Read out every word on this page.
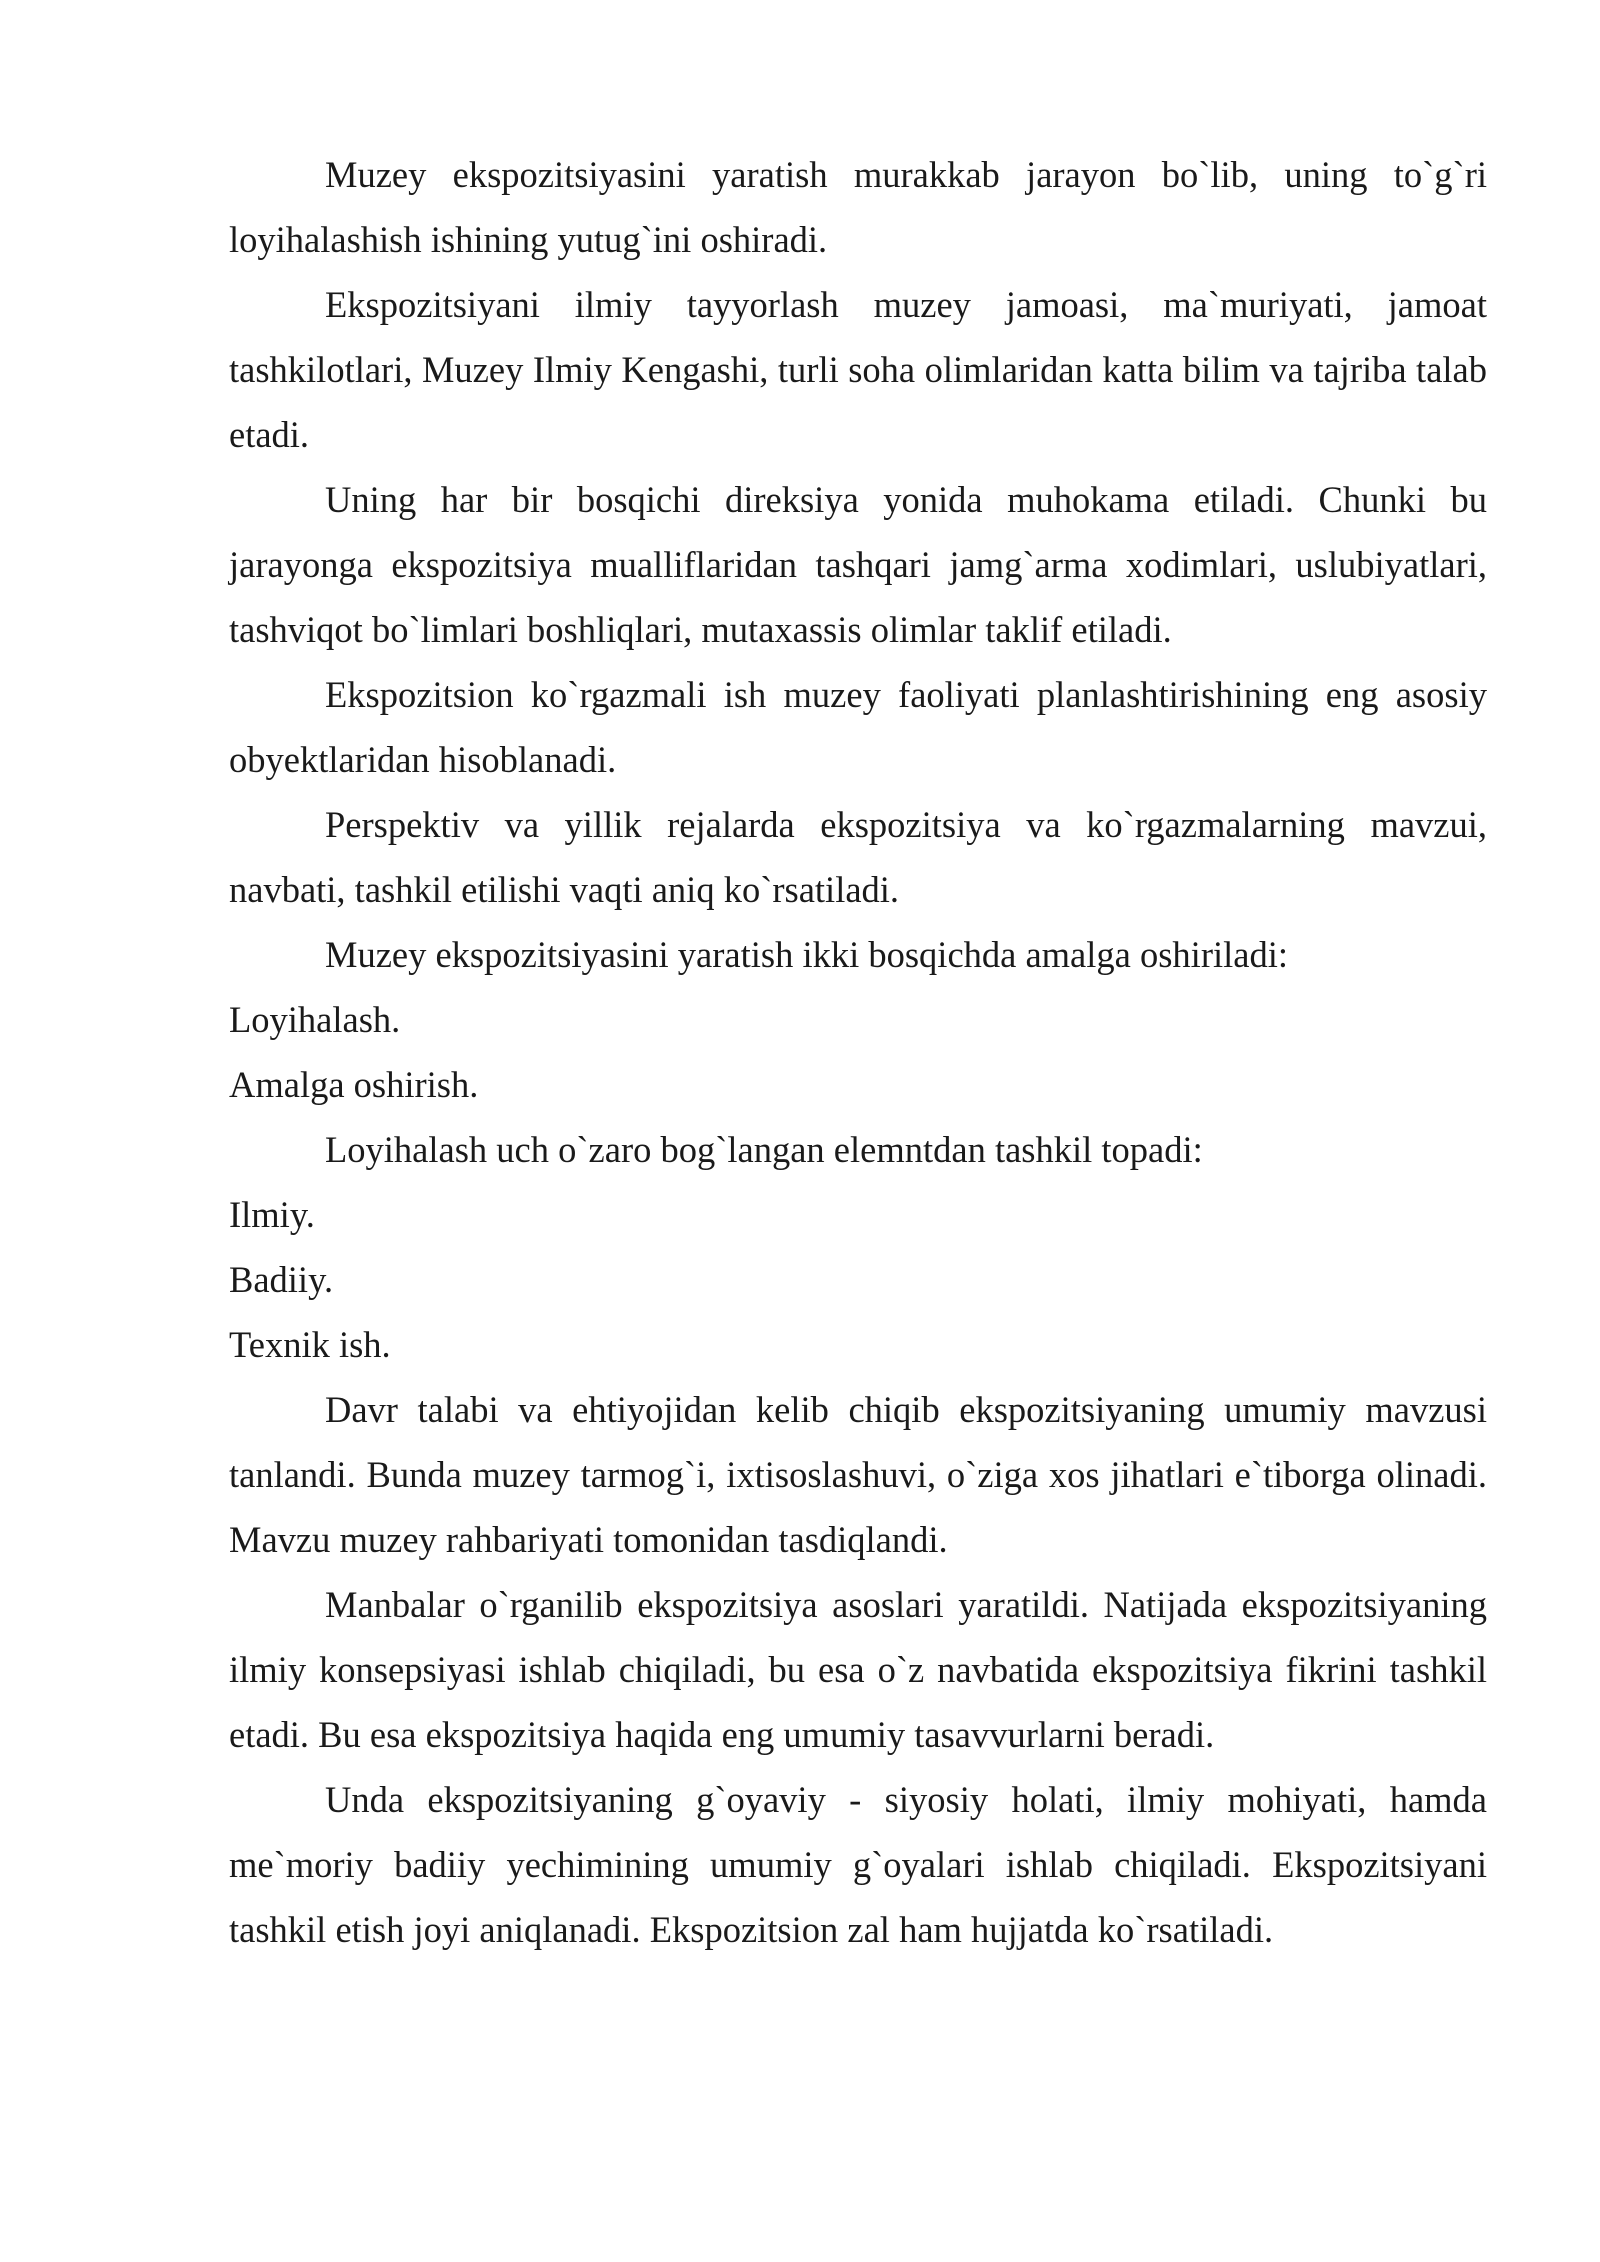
Muzey ekspozitsiyasini yaratish murakkab jarayon bo`lib, uning to`g`ri loyihalashish ishining yutug`ini oshiradi.

Ekspozitsiyani ilmiy tayyorlash muzey jamoasi, ma`muriyati, jamoat tashkilotlari, Muzey Ilmiy Kengashi, turli soha olimlaridan katta bilim va tajriba talab etadi.

Uning har bir bosqichi direksiya yonida muhokama etiladi. Chunki bu jarayonga ekspozitsiya mualliflaridan tashqari jamg`arma xodimlari, uslubiyatlari, tashviqot bo`limlari boshliqlari, mutaxassis olimlar taklif etiladi.

Ekspozitsion ko`rgazmali ish muzey faoliyati planlashtirishining eng asosiy obyektlaridan hisoblanadi.

Perspektiv va yillik rejalarda ekspozitsiya va ko`rgazmalarning mavzui, navbati, tashkil etilishi vaqti aniq ko`rsatiladi.

Muzey ekspozitsiyasini yaratish ikki bosqichda amalga oshiriladi:

Loyihalash.

Amalga oshirish.

Loyihalash uch o`zaro bog`langan elemntdan tashkil topadi:

Ilmiy.

Badiiy.

Texnik ish.

Davr talabi va ehtiyojidan kelib chiqib ekspozitsiyaning umumiy mavzusi tanlandi. Bunda muzey tarmog`i, ixtisoslashuvi, o`ziga xos jihatlari e`tiborga olinadi. Mavzu muzey rahbariyati tomonidan tasdiqlandi.

Manbalar o`rganilib ekspozitsiya asoslari yaratildi. Natijada ekspozitsiyaning ilmiy konsepsiyasi ishlab chiqiladi, bu esa o`z navbatida ekspozitsiya fikrini tashkil etadi. Bu esa ekspozitsiya haqida eng umumiy tasavvurlarni beradi.

Unda ekspozitsiyaning g`oyaviy - siyosiy holati, ilmiy mohiyati, hamda me`moriy badiiy yechimining umumiy g`oyalari ishlab chiqiladi. Ekspozitsiyani tashkil etish joyi aniqlanadi. Ekspozitsion zal ham hujjatda ko`rsatiladi.
